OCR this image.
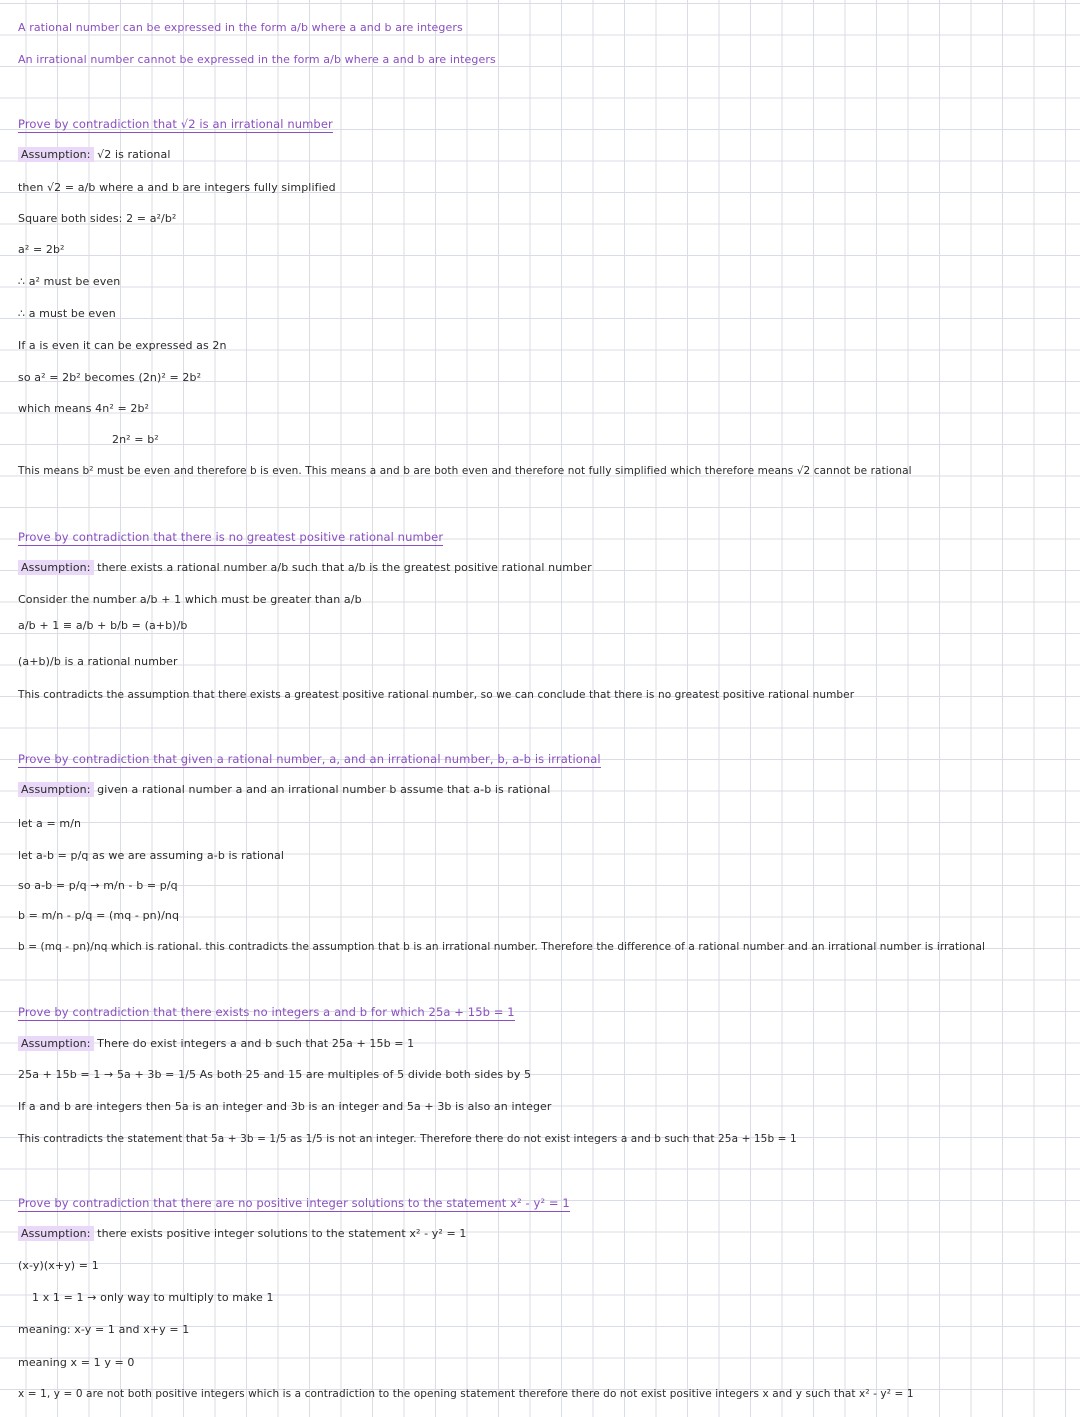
A rational number can be expressed in the form a/b where a and b are integers
An irrational number cannot be expressed in the form a/b where a and b are integers
Prove by contradiction that √2 is an irrational number
Assumption: √2 is rational
then √2 = a/b where a and b are integers fully simplified
Square both sides: 2 = a²/b²
a² = 2b²
∴ a² must be even
∴ a must be even
If a is even it can be expressed as 2n
so a² = 2b² becomes (2n)² = 2b²
which means 4n² = 2b²
2n² = b²
This means b² must be even and therefore b is even. This means a and b are both even and therefore not fully simplified which therefore means √2 cannot be rational
Prove by contradiction that there is no greatest positive rational number
Assumption: there exists a rational number a/b such that a/b is the greatest positive rational number
Consider the number a/b + 1 which must be greater than a/b
a/b + 1 ≡ a/b + b/b = (a+b)/b
(a+b)/b is a rational number
This contradicts the assumption that there exists a greatest positive rational number, so we can conclude that there is no greatest positive rational number
Prove by contradiction that given a rational number, a, and an irrational number, b, a-b is irrational
Assumption: given a rational number a and an irrational number b assume that a-b is rational
let a = m/n
let a-b = p/q as we are assuming a-b is rational
so a-b = p/q → m/n - b = p/q
b = m/n - p/q = (mq - pn)/nq
b = (mq - pn)/nq which is rational. this contradicts the assumption that b is an irrational number. Therefore the difference of a rational number and an irrational number is irrational
Prove by contradiction that there exists no integers a and b for which 25a + 15b = 1
Assumption: There do exist integers a and b such that 25a + 15b = 1
25a + 15b = 1 → 5a + 3b = 1/5 As both 25 and 15 are multiples of 5 divide both sides by 5
If a and b are integers then 5a is an integer and 3b is an integer and 5a + 3b is also an integer
This contradicts the statement that 5a + 3b = 1/5 as 1/5 is not an integer. Therefore there do not exist integers a and b such that 25a + 15b = 1
Prove by contradiction that there are no positive integer solutions to the statement x² - y² = 1
Assumption: there exists positive integer solutions to the statement x² - y² = 1
(x-y)(x+y) = 1
1 x 1 = 1 → only way to multiply to make 1
meaning: x-y = 1 and x+y = 1
meaning x = 1 y = 0
x = 1, y = 0 are not both positive integers which is a contradiction to the opening statement therefore there do not exist positive integers x and y such that x² - y² = 1
